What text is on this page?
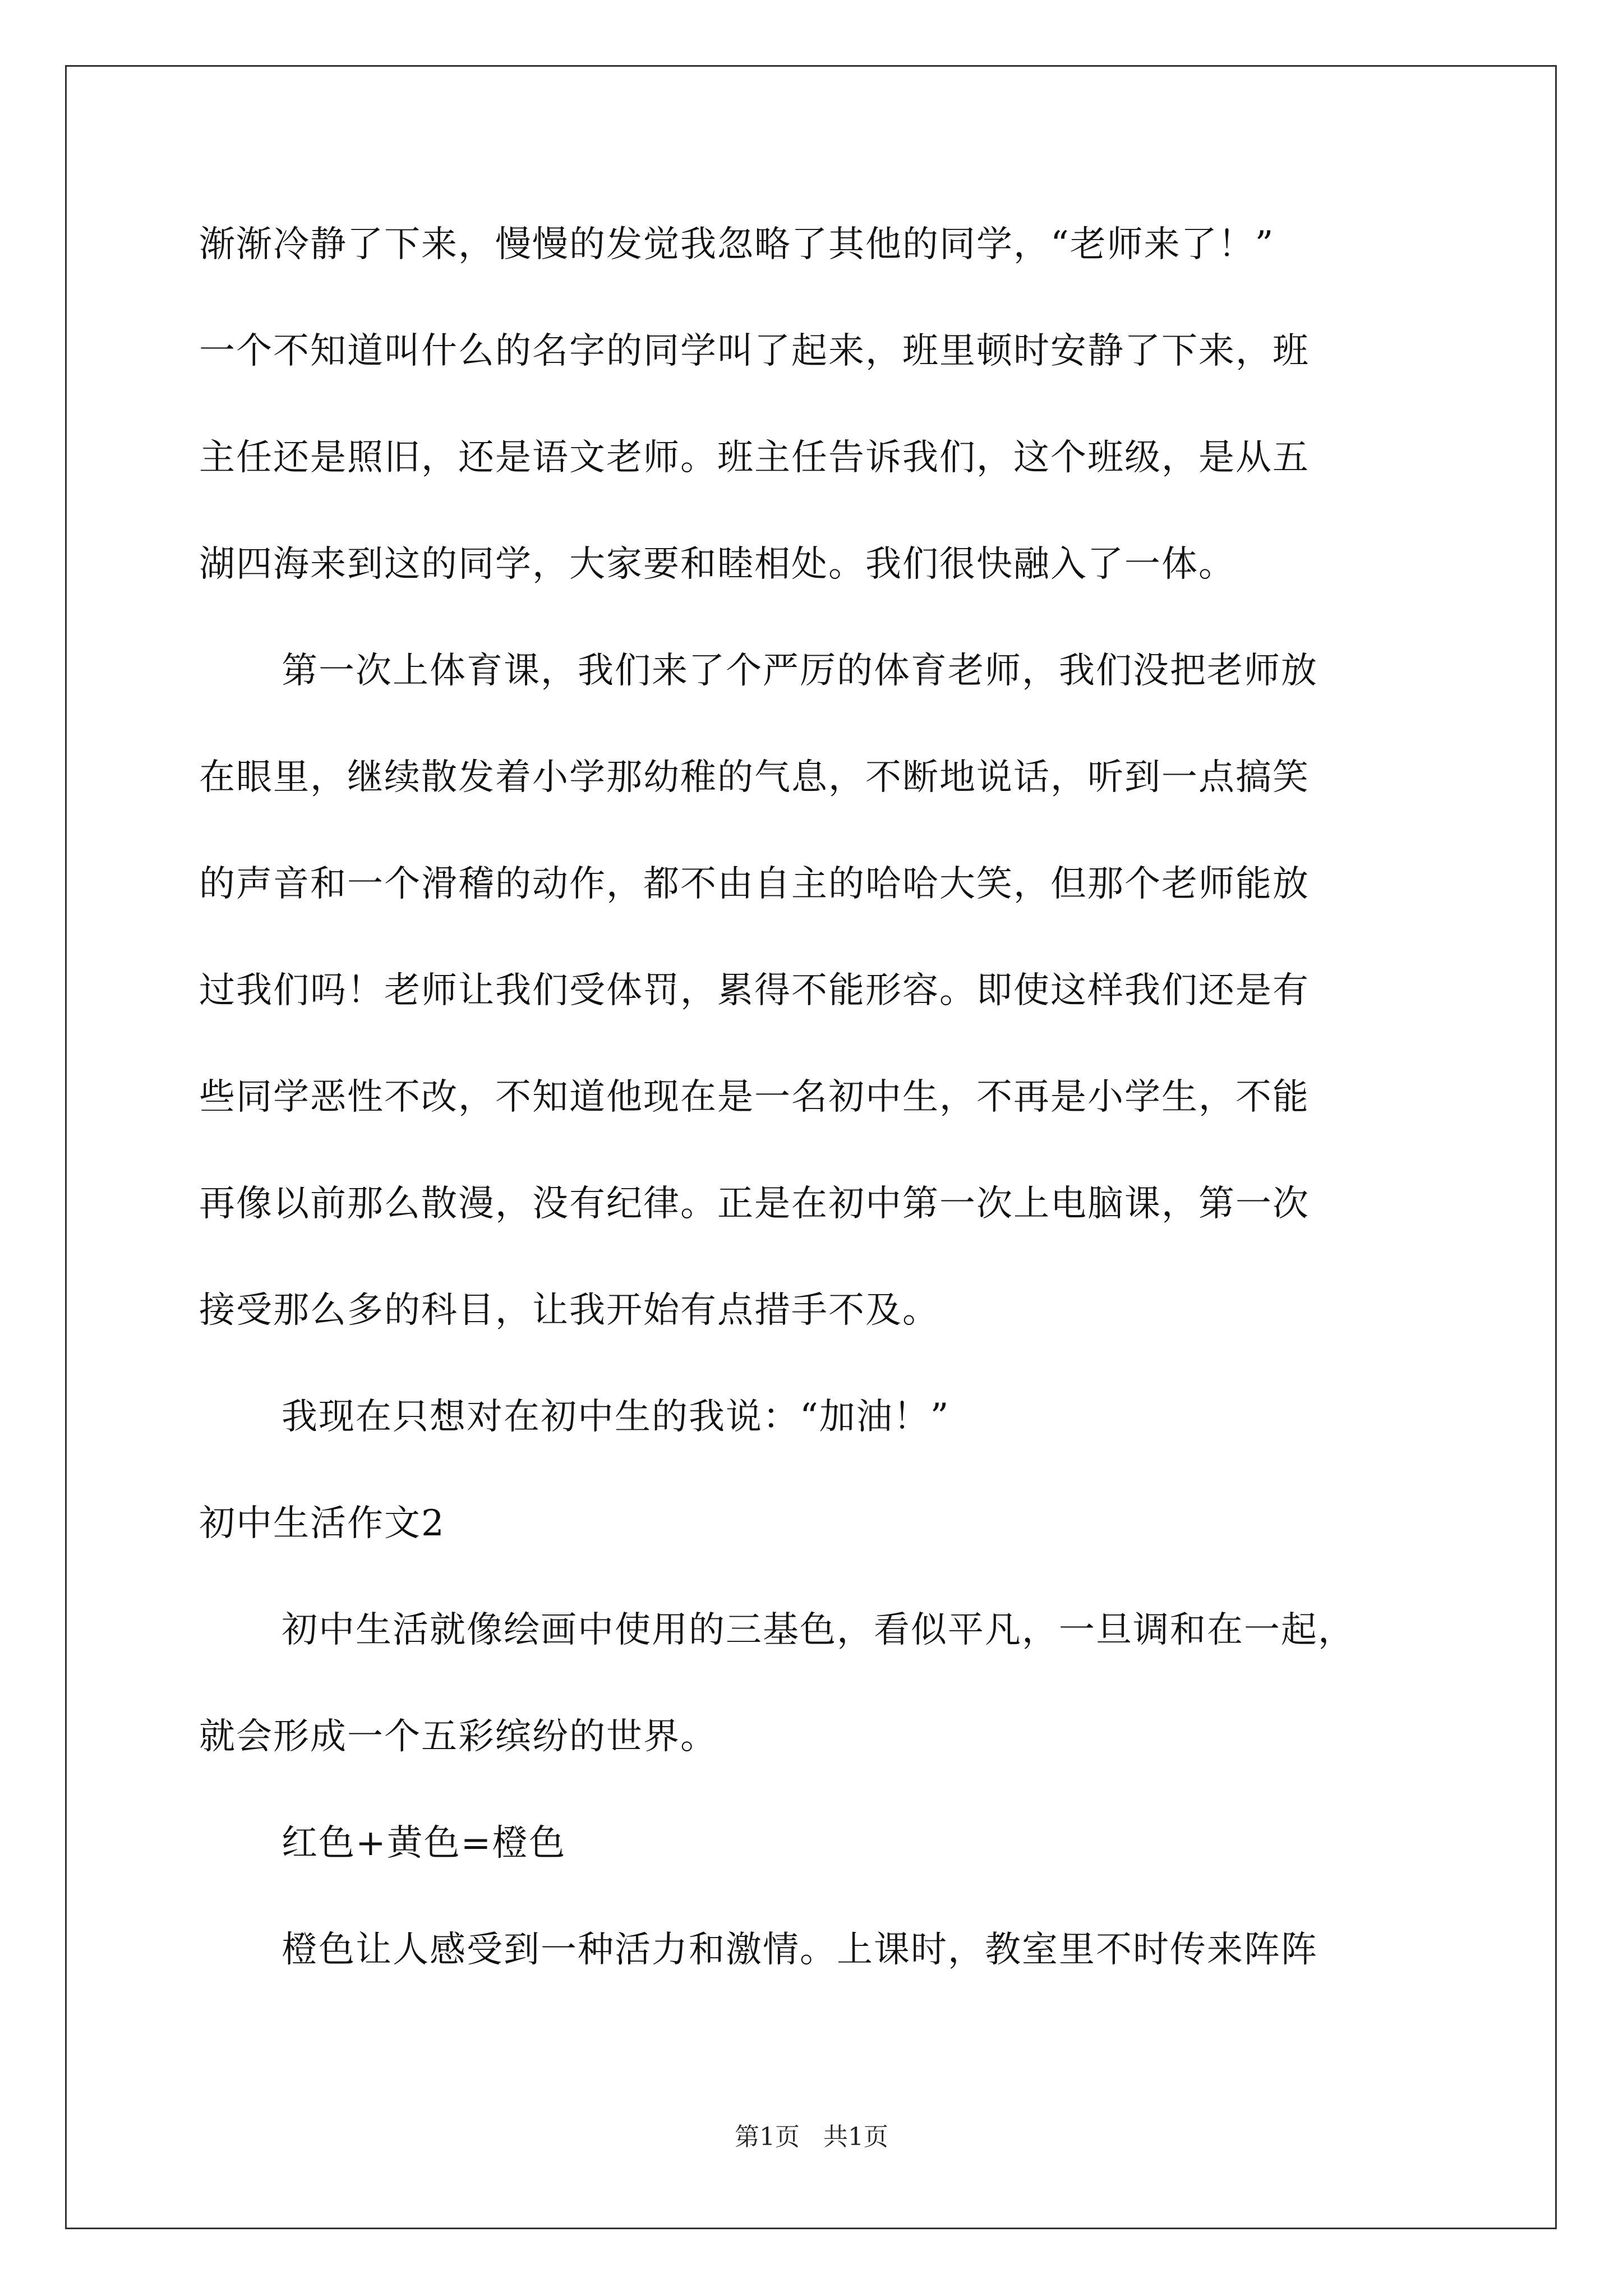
渐渐冷静了下来，慢慢的发觉我忽略了其他的同学，“老师来了！”
一个不知道叫什么的名字的同学叫了起来，班里顿时安静了下来，班
主任还是照旧，还是语文老师。班主任告诉我们，这个班级，是从五
湖四海来到这的同学，大家要和睦相处。我们很快融入了一体。
第一次上体育课，我们来了个严厉的体育老师，我们没把老师放
在眼里，继续散发着小学那幼稚的气息，不断地说话，听到一点搞笑
的声音和一个滑稽的动作，都不由自主的哈哈大笑，但那个老师能放
过我们吗！老师让我们受体罚，累得不能形容。即使这样我们还是有
些同学恶性不改，不知道他现在是一名初中生，不再是小学生，不能
再像以前那么散漫，没有纪律。正是在初中第一次上电脑课，第一次
接受那么多的科目，让我开始有点措手不及。
我现在只想对在初中生的我说：“加油！”
初中生活作文2
初中生活就像绘画中使用的三基色，看似平凡，一旦调和在一起，
就会形成一个五彩缤纷的世界。
红色+黄色=橙色
橙色让人感受到一种活力和激情。上课时，教室里不时传来阵阵
第1页   共1页
